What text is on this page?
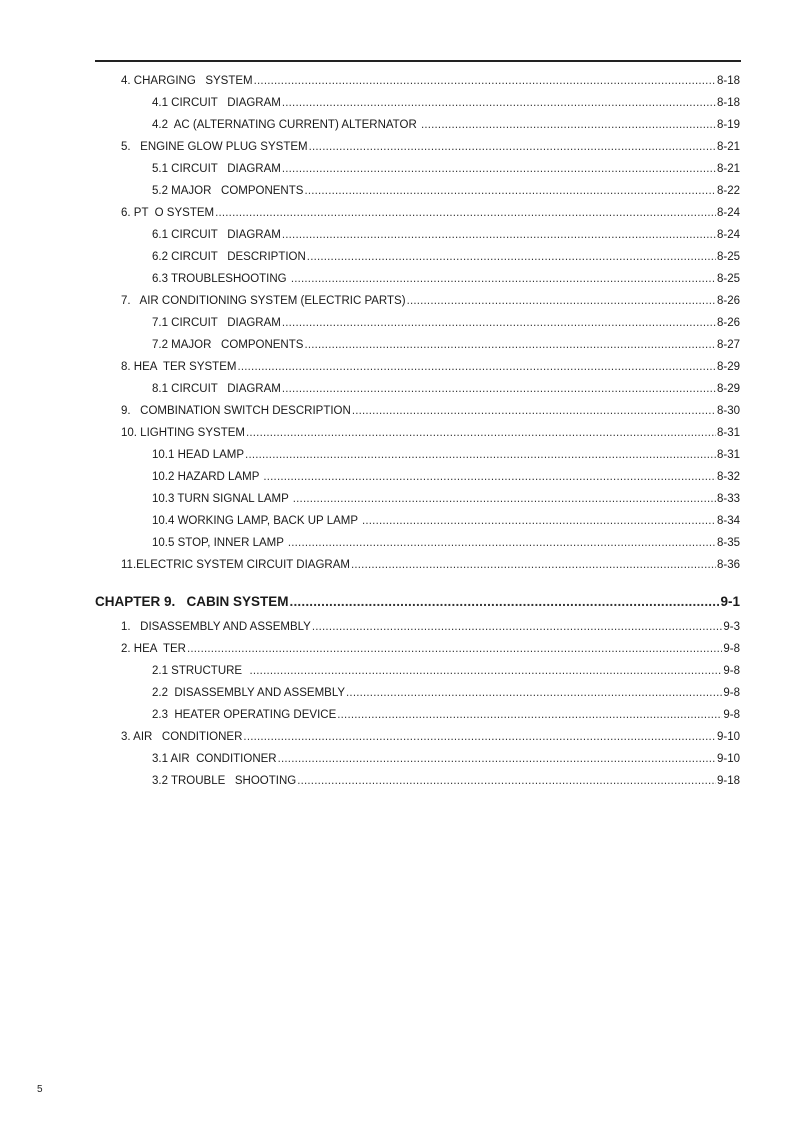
4. CHARGING   SYSTEM .....	8-18
4.1 CIRCUIT   DIAGRAM .....	8-18
4.2  AC (ALTERNATING CURRENT) ALTERNATOR .....	8-19
5.   ENGINE GLOW PLUG SYSTEM .....	8-21
5.1 CIRCUIT   DIAGRAM .....	8-21
5.2 MAJOR   COMPONENTS .....	8-22
6. PT  O SYSTEM .....	8-24
6.1 CIRCUIT   DIAGRAM .....	8-24
6.2 CIRCUIT   DESCRIPTION .....	8-25
6.3 TROUBLESHOOTING .....	8-25
7.   AIR CONDITIONING SYSTEM (ELECTRIC PARTS) .....	8-26
7.1 CIRCUIT   DIAGRAM .....	8-26
7.2 MAJOR   COMPONENTS .....	8-27
8. HEA  TER SYSTEM .....	8-29
8.1 CIRCUIT   DIAGRAM .....	8-29
9.   COMBINATION SWITCH DESCRIPTION .....	8-30
10. LIGHTING SYSTEM .....	8-31
10.1 HEAD LAMP .....	8-31
10.2 HAZARD LAMP .....	8-32
10.3 TURN SIGNAL LAMP .....	8-33
10.4 WORKING LAMP, BACK UP LAMP .....	8-34
10.5 STOP, INNER LAMP .....	8-35
11.ELECTRIC SYSTEM CIRCUIT DIAGRAM .....	8-36
CHAPTER 9.   CABIN SYSTEM .....	9-1
1.   DISASSEMBLY AND ASSEMBLY .....	9-3
2. HEA  TER .....	9-8
2.1 STRUCTURE .....	9-8
2.2  DISASSEMBLY AND ASSEMBLY .....	9-8
2.3  HEATER OPERATING DEVICE .....	9-8
3. AIR   CONDITIONER .....	9-10
3.1 AIR  CONDITIONER .....	9-10
3.2 TROUBLE   SHOOTING .....	9-18
5
